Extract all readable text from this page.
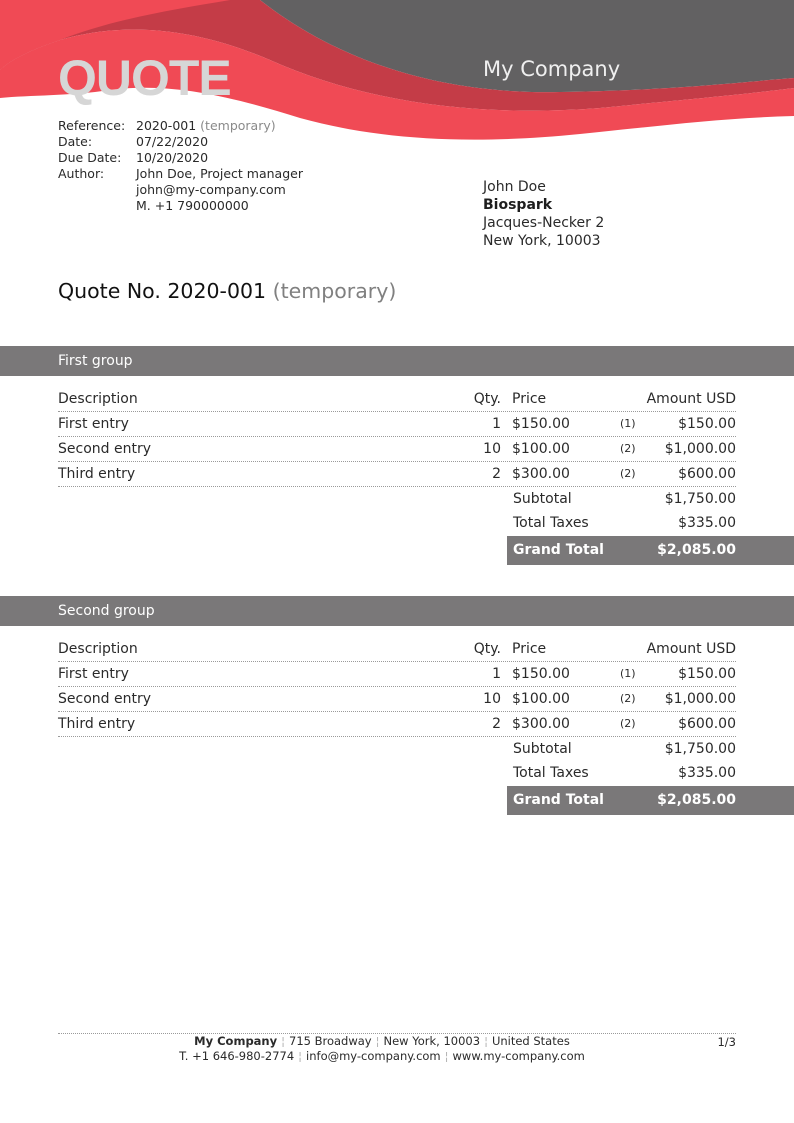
QUOTE	My Company
Reference: 2020-001 (temporary)
Date:	07/22/2020
Due Date:	10/20/2020
Author:	John Doe, Project manager
john@my-company.com
M. +1 790000000
John Doe
Biospark
Jacques-Necker 2
New York, 10003
Quote No. 2020-001 (temporary)
First group
Description	Qty. Price	Amount USD
First entry	1 $150.00	(1)	$150.00
Second entry	10 $100.00	(2) $1,000.00
Third entry	2 $300.00	(2)	$600.00
Subtotal	$1,750.00
Total Taxes	$335.00
Grand Total	$2,085.00
Second group
Description	Qty. Price	Amount USD
First entry	1 $150.00	(1)	$150.00
Second entry	10 $100.00	(2) $1,000.00
Third entry	2 $300.00	(2)	$600.00
Subtotal	$1,750.00
Total Taxes	$335.00
Grand Total	$2,085.00
My Company ¦ 715 Broadway ¦ New York, 10003 ¦ United States
T. +1 646-980-2774 ¦ info@my-company.com ¦ www.my-company.com
1/3
